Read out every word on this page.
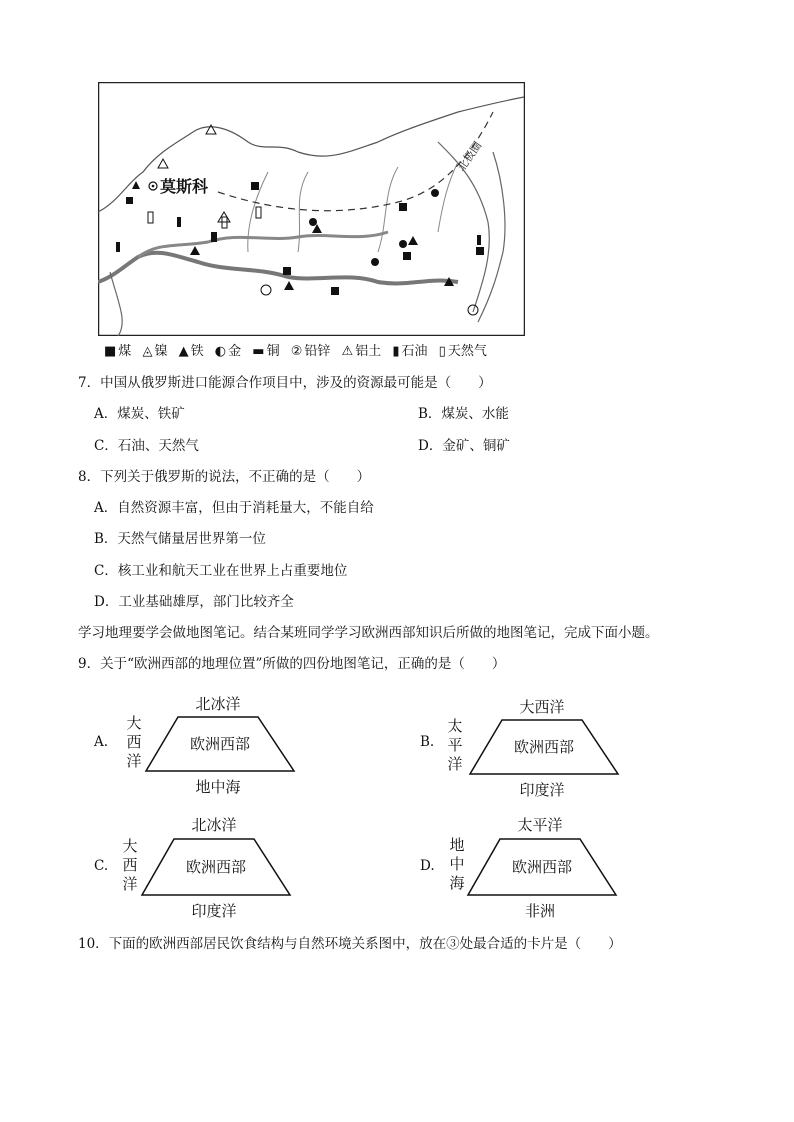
北极圈
莫斯科
■ 煤 ◬ 镍 ▲ 铁 ◐ 金 ▬ 铜 ② 铅锌 ⚠ 铝土 ▮ 石油 ▯ 天然气
7．中国从俄罗斯进口能源合作项目中，涉及的资源最可能是（　　）
A．煤炭、铁矿	B．煤炭、水能
C．石油、天然气	D．金矿、铜矿
8．下列关于俄罗斯的说法，不正确的是（　　）
A．自然资源丰富，但由于消耗量大，不能自给
B．天然气储量居世界第一位
C．核工业和航天工业在世界上占重要地位
D．工业基础雄厚，部门比较齐全
学习地理要学会做地图笔记。结合某班同学学习欧洲西部知识后所做的地图笔记，完成下面小题。
9．关于“欧洲西部的地理位置”所做的四份地图笔记，正确的是（　　）
A.
大西洋
北冰洋
欧洲西部
地中海
B.
太平洋
大西洋
欧洲西部
印度洋
C.
大西洋
北冰洋
欧洲西部
印度洋
D.
地中海
太平洋
欧洲西部
非洲
10．下面的欧洲西部居民饮食结构与自然环境关系图中，放在③处最合适的卡片是（　　）
